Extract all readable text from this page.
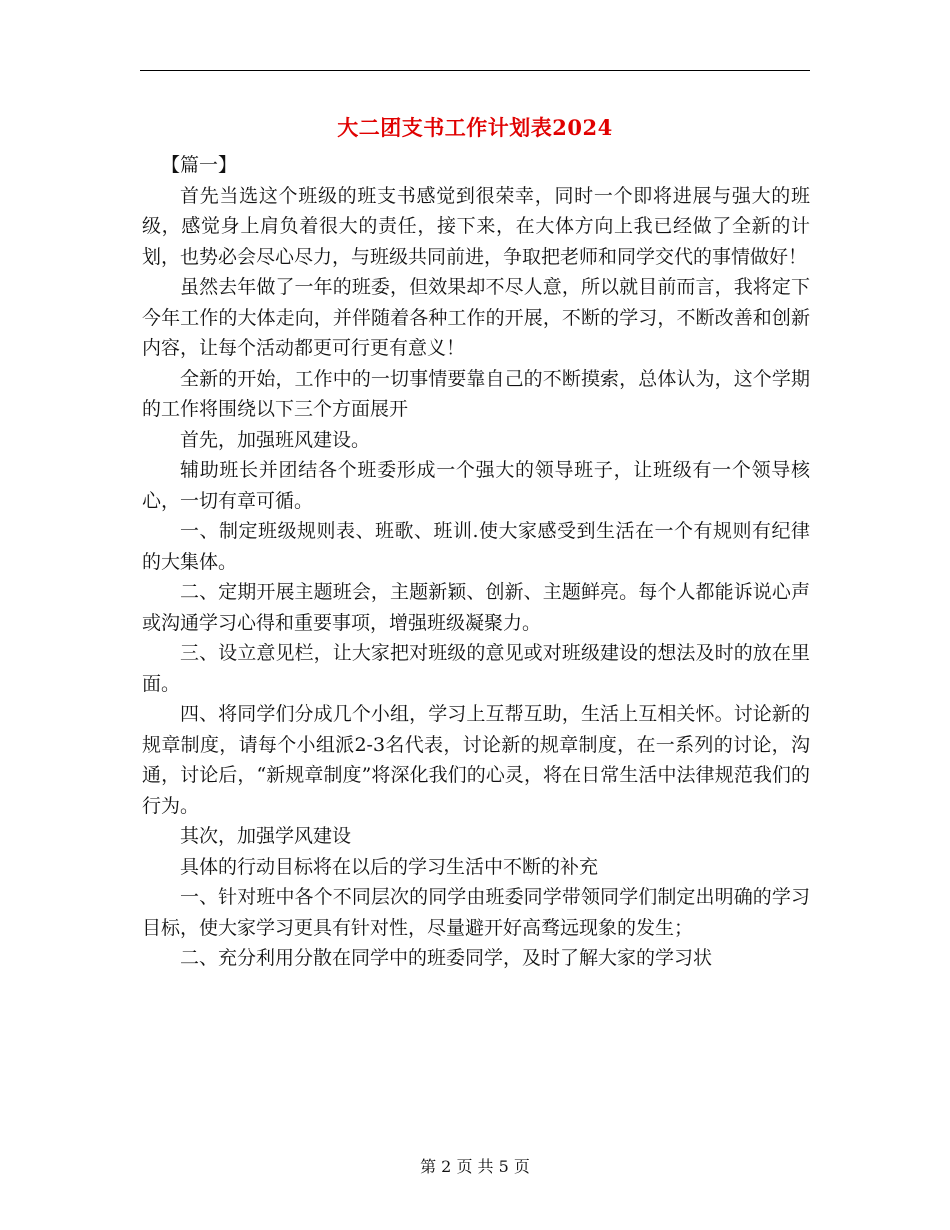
大二团支书工作计划表2024

【篇一】

首先当选这个班级的班支书感觉到很荣幸，同时一个即将进展与强大的班级，感觉身上肩负着很大的责任，接下来，在大体方向上我已经做了全新的计划，也势必会尽心尽力，与班级共同前进，争取把老师和同学交代的事情做好！

虽然去年做了一年的班委，但效果却不尽人意，所以就目前而言，我将定下今年工作的大体走向，并伴随着各种工作的开展，不断的学习，不断改善和创新内容，让每个活动都更可行更有意义！

全新的开始，工作中的一切事情要靠自己的不断摸索，总体认为，这个学期的工作将围绕以下三个方面展开

首先，加强班风建设。

辅助班长并团结各个班委形成一个强大的领导班子，让班级有一个领导核心，一切有章可循。

一、制定班级规则表、班歌、班训.使大家感受到生活在一个有规则有纪律的大集体。

二、定期开展主题班会，主题新颖、创新、主题鲜亮。每个人都能诉说心声或沟通学习心得和重要事项，增强班级凝聚力。

三、设立意见栏，让大家把对班级的意见或对班级建设的想法及时的放在里面。

四、将同学们分成几个小组，学习上互帮互助，生活上互相关怀。讨论新的规章制度，请每个小组派2-3名代表，讨论新的规章制度，在一系列的讨论，沟通，讨论后，“新规章制度”将深化我们的心灵，将在日常生活中法律规范我们的行为。

其次，加强学风建设

具体的行动目标将在以后的学习生活中不断的补充

一、针对班中各个不同层次的同学由班委同学带领同学们制定出明确的学习目标，使大家学习更具有针对性，尽量避开好高骛远现象的发生；

二、充分利用分散在同学中的班委同学，及时了解大家的学习状

第 2 页 共 5 页
